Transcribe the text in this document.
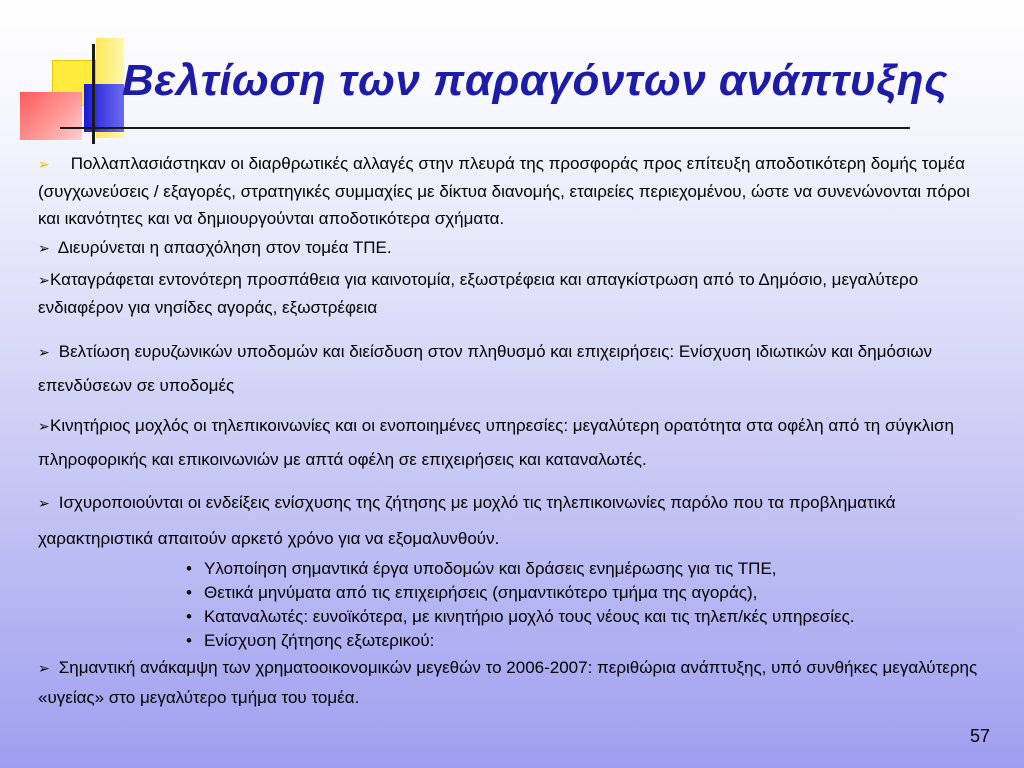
Βελτίωση των παραγόντων ανάπτυξης

➢ Πολλαπλασιάστηκαν οι διαρθρωτικές αλλαγές στην πλευρά της προσφοράς προς επίτευξη αποδοτικότερη δομής τομέα (συγχωνεύσεις / εξαγορές, στρατηγικές συμμαχίες με δίκτυα διανομής, εταιρείες περιεχομένου, ώστε να συνενώνονται πόροι και ικανότητες και να δημιουργούνται αποδοτικότερα σχήματα.

➢ Διευρύνεται η απασχόληση στον τομέα ΤΠΕ.

➢Καταγράφεται εντονότερη προσπάθεια για καινοτομία, εξωστρέφεια και απαγκίστρωση από το Δημόσιο, μεγαλύτερο ενδιαφέρον για νησίδες αγοράς, εξωστρέφεια

➢ Βελτίωση ευρυζωνικών υποδομών και διείσδυση στον πληθυσμό και επιχειρήσεις: Ενίσχυση ιδιωτικών και δημόσιων επενδύσεων σε υποδομές

➢Κινητήριος μοχλός οι τηλεπικοινωνίες και οι ενοποιημένες υπηρεσίες: μεγαλύτερη ορατότητα στα οφέλη από τη σύγκλιση πληροφορικής και επικοινωνιών με απτά οφέλη σε επιχειρήσεις και καταναλωτές.

➢ Ισχυροποιούνται οι ενδείξεις ενίσχυσης της ζήτησης με μοχλό τις τηλεπικοινωνίες παρόλο που τα προβληματικά χαρακτηριστικά απαιτούν αρκετό χρόνο για να εξομαλυνθούν.

• Υλοποίηση σημαντικά έργα υποδομών και δράσεις ενημέρωσης για τις ΤΠΕ,
• Θετικά μηνύματα από τις επιχειρήσεις (σημαντικότερο τμήμα της αγοράς),
• Καταναλωτές: ευνοϊκότερα, με κινητήριο μοχλό τους νέους και τις τηλεπ/κές υπηρεσίες.
• Ενίσχυση ζήτησης εξωτερικού:

➢ Σημαντική ανάκαμψη των χρηματοοικονομικών μεγεθών το 2006-2007: περιθώρια ανάπτυξης, υπό συνθήκες μεγαλύτερης «υγείας» στο μεγαλύτερο τμήμα του τομέα.

57
